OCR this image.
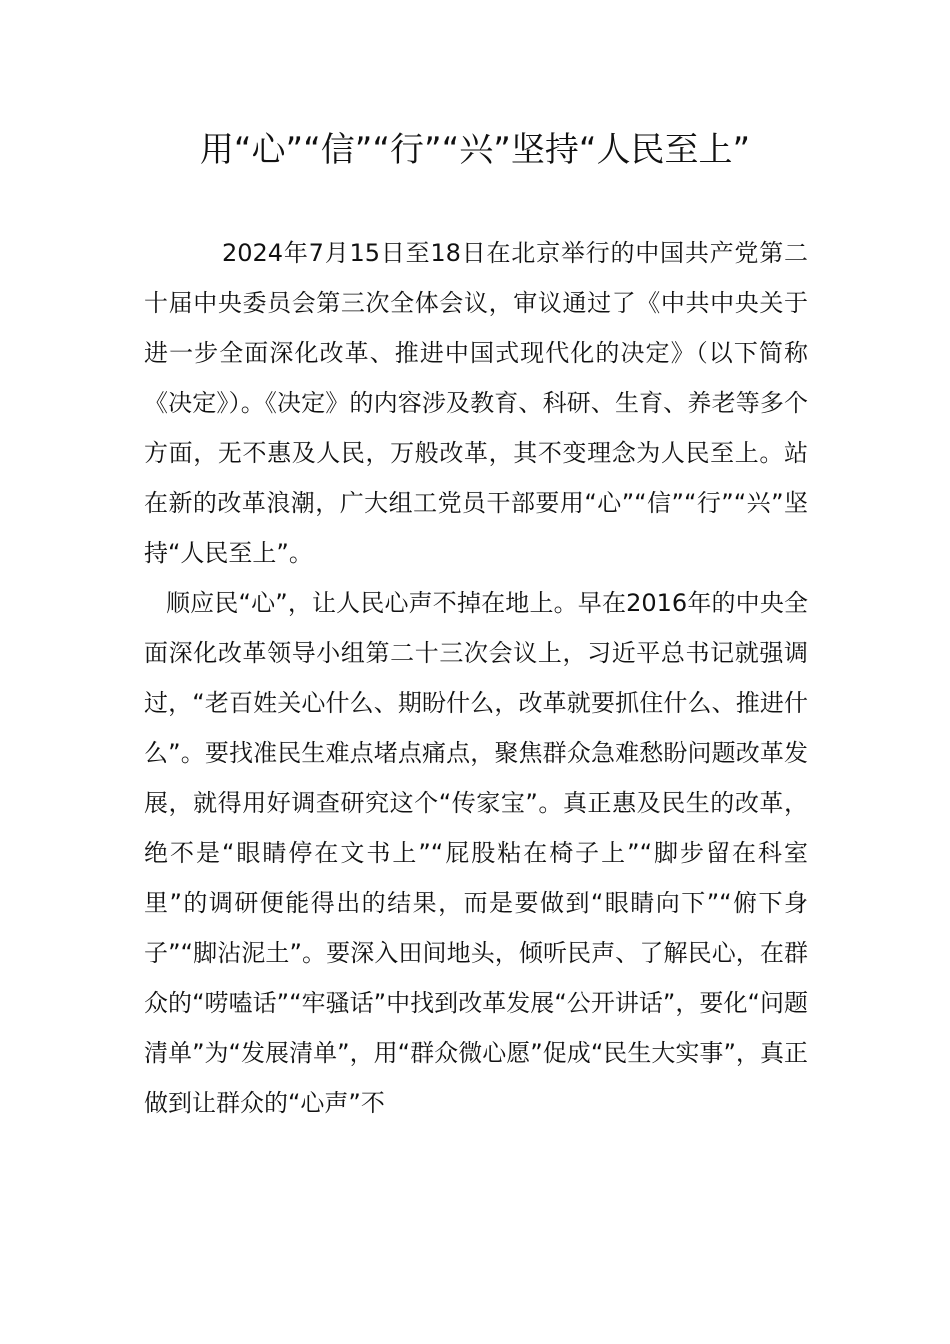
用“心”“信”“行”“兴”坚持“人民至上”

2024年7月15日至18日在北京举行的中国共产党第二十届中央委员会第三次全体会议，审议通过了《中共中央关于进一步全面深化改革、推进中国式现代化的决定》（以下简称《决定》）。《决定》的内容涉及教育、科研、生育、养老等多个方面，无不惠及人民，万般改革，其不变理念为人民至上。站在新的改革浪潮，广大组工党员干部要用“心”“信”“行”“兴”坚持“人民至上”。

顺应民“心”，让人民心声不掉在地上。早在2016年的中央全面深化改革领导小组第二十三次会议上，习近平总书记就强调过，“老百姓关心什么、期盼什么，改革就要抓住什么、推进什么”。要找准民生难点堵点痛点，聚焦群众急难愁盼问题改革发展，就得用好调查研究这个“传家宝”。真正惠及民生的改革，绝不是“眼睛停在文书上”“屁股粘在椅子上”“脚步留在科室里”的调研便能得出的结果，而是要做到“眼睛向下”“俯下身子”“脚沾泥土”。要深入田间地头，倾听民声、了解民心，在群众的“唠嗑话”“牢骚话”中找到改革发展“公开讲话”，要化“问题清单”为“发展清单”，用“群众微心愿”促成“民生大实事”，真正做到让群众的“心声”不
